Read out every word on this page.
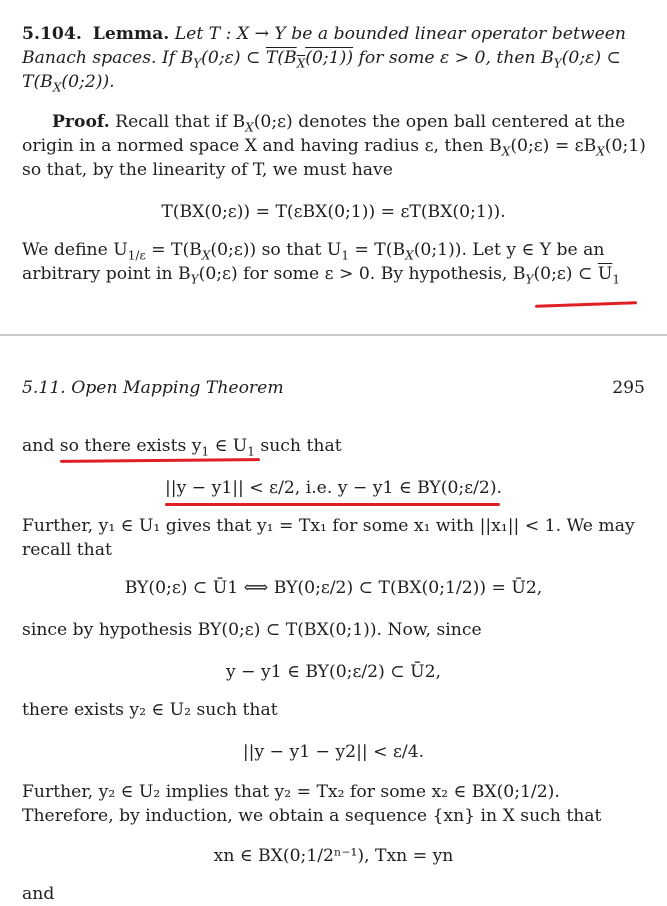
5.104. Lemma. Let T : X → Y be a bounded linear operator between Banach spaces. If $B_Y(0;\varepsilon)$ ⊂ $T(B_X(0;1))$ for some ε > 0, then $B_Y(0;\varepsilon)$ ⊂ $T(B_X(0;2))$.
Proof. Recall that if $B_X(0;\varepsilon)$ denotes the open ball centered at the origin in a normed space X and having radius ε, then $B_X(0;\varepsilon)$ = $\varepsilon B_X(0;1)$ so that, by the linearity of T, we must have
T(BX(0;ε)) = T(εBX(0;1)) = εT(BX(0;1)).
We define $U_{1/\varepsilon}$ = $T(B_X(0;\varepsilon))$ so that $U_1$ = $T(B_X(0;1))$. Let y ∈ Y be an arbitrary point in $B_Y(0;\varepsilon)$ for some ε > 0. By hypothesis, $B_Y(0;\varepsilon)$ ⊂ $\overline{U}_1$
5.11. Open Mapping Theorem	295
and so there exists $y_1$ ∈ $U_1$ such that
||y − y1|| < ε/2, i.e. y − y1 ∈ BY(0;ε/2).
Further, y₁ ∈ U₁ gives that y₁ = Tx₁ for some x₁ with ||x₁|| < 1. We may recall that
BY(0;ε) ⊂ Ū1 ⟺ BY(0;ε/2) ⊂ T(BX(0;1/2)) = Ū2,
since by hypothesis BY(0;ε) ⊂ T(BX(0;1)). Now, since
y − y1 ∈ BY(0;ε/2) ⊂ Ū2,
there exists y₂ ∈ U₂ such that
||y − y1 − y2|| < ε/4.
Further, y₂ ∈ U₂ implies that y₂ = Tx₂ for some x₂ ∈ BX(0;1/2). Therefore, by induction, we obtain a sequence {xn} in X such that
xn ∈ BX(0;1/2ⁿ⁻¹), Txn = yn
and
